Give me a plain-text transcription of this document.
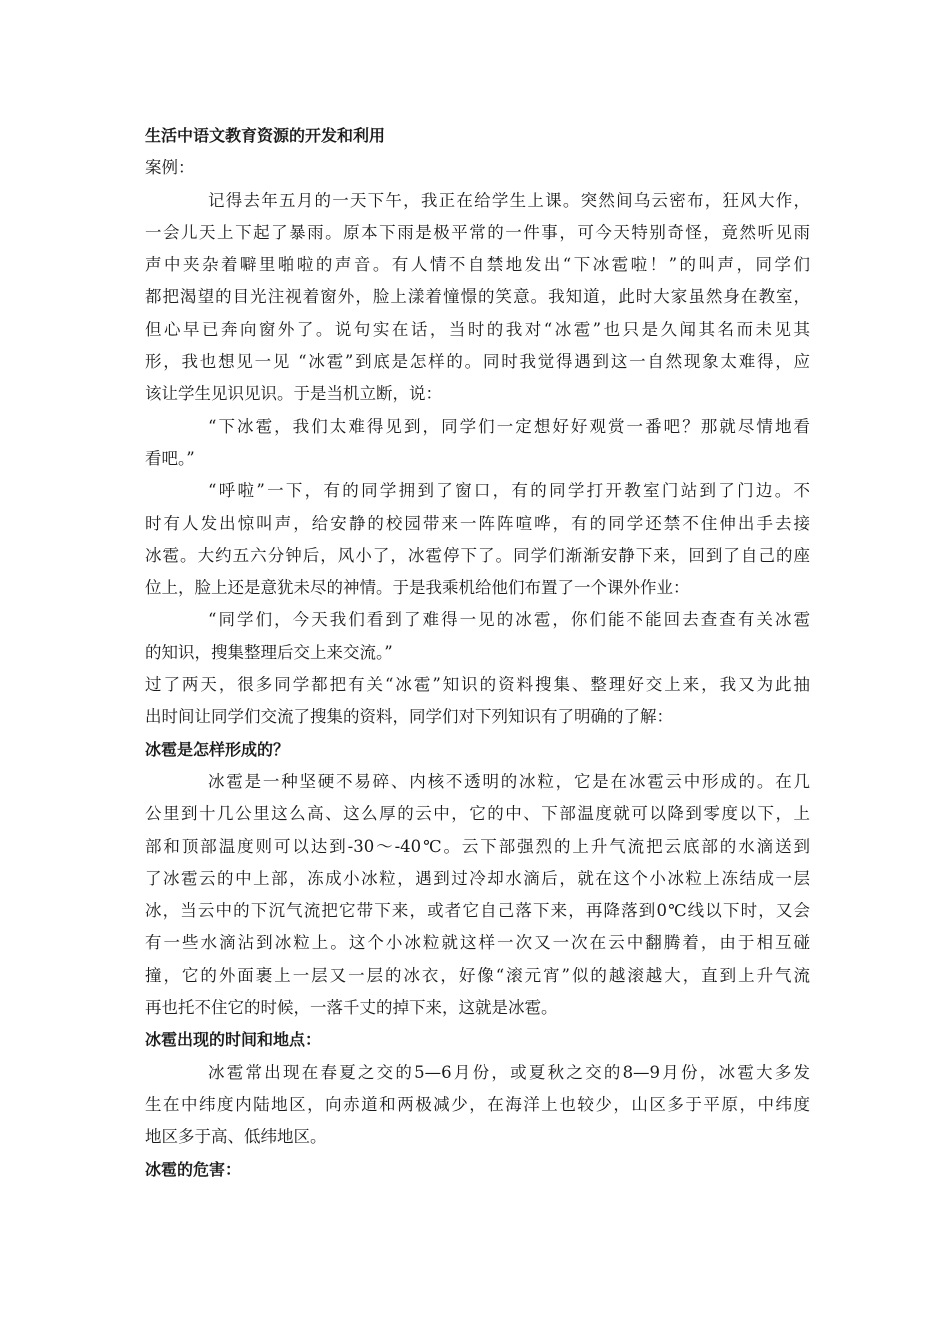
生活中语文教育资源的开发和利用
案例：
记得去年五月的一天下午，我正在给学生上课。突然间乌云密布，狂风大作，
一会儿天上下起了暴雨。原本下雨是极平常的一件事，可今天特别奇怪，竟然听见雨
声中夹杂着噼里啪啦的声音。有人情不自禁地发出“下冰雹啦！”的叫声，同学们
都把渴望的目光注视着窗外，脸上漾着憧憬的笑意。我知道，此时大家虽然身在教室，
但心早已奔向窗外了。说句实在话，当时的我对“冰雹”也只是久闻其名而未见其
形，我也想见一见 “冰雹”到底是怎样的。同时我觉得遇到这一自然现象太难得，应
该让学生见识见识。于是当机立断，说：
“下冰雹，我们太难得见到，同学们一定想好好观赏一番吧？那就尽情地看
看吧。”
“呼啦”一下，有的同学拥到了窗口，有的同学打开教室门站到了门边。不
时有人发出惊叫声，给安静的校园带来一阵阵喧哗，有的同学还禁不住伸出手去接
冰雹。大约五六分钟后，风小了，冰雹停下了。同学们渐渐安静下来，回到了自己的座
位上，脸上还是意犹未尽的神情。于是我乘机给他们布置了一个课外作业：
“同学们，今天我们看到了难得一见的冰雹，你们能不能回去查查有关冰雹
的知识，搜集整理后交上来交流。”
过了两天，很多同学都把有关“冰雹”知识的资料搜集、整理好交上来，我又为此抽
出时间让同学们交流了搜集的资料，同学们对下列知识有了明确的了解：
冰雹是怎样形成的？
冰雹是一种坚硬不易碎、内核不透明的冰粒，它是在冰雹云中形成的。在几
公里到十几公里这么高、这么厚的云中，它的中、下部温度就可以降到零度以下，上
部和顶部温度则可以达到-30～-40℃。云下部强烈的上升气流把云底部的水滴送到
了冰雹云的中上部，冻成小冰粒，遇到过冷却水滴后，就在这个小冰粒上冻结成一层
冰，当云中的下沉气流把它带下来，或者它自己落下来，再降落到0℃线以下时，又会
有一些水滴沾到冰粒上。这个小冰粒就这样一次又一次在云中翻腾着，由于相互碰
撞，它的外面裹上一层又一层的冰衣，好像“滚元宵”似的越滚越大，直到上升气流
再也托不住它的时候，一落千丈的掉下来，这就是冰雹。
冰雹出现的时间和地点：
冰雹常出现在春夏之交的5—6月份，或夏秋之交的8—9月份，冰雹大多发
生在中纬度内陆地区，向赤道和两极减少，在海洋上也较少，山区多于平原，中纬度
地区多于高、低纬地区。
冰雹的危害：
